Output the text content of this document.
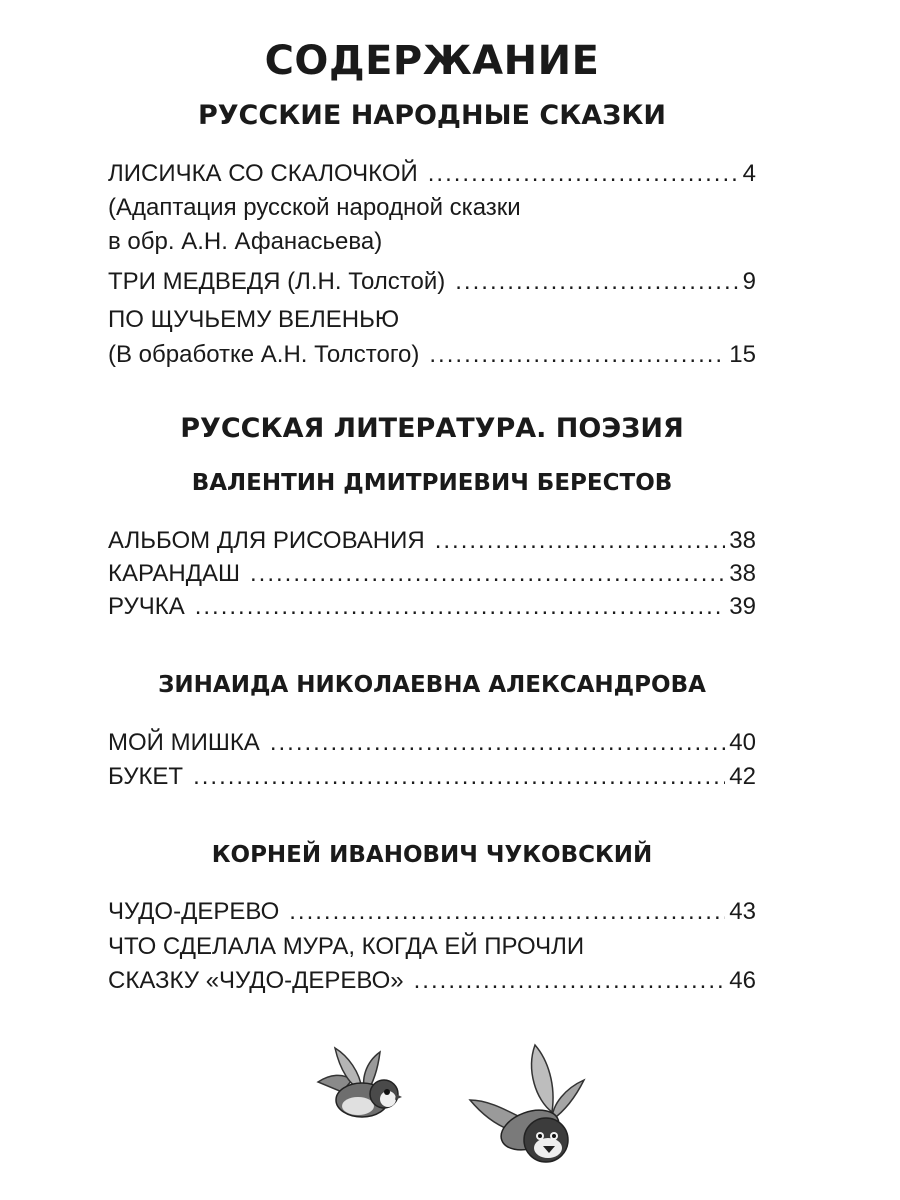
СОДЕРЖАНИЕ
РУССКИЕ НАРОДНЫЕ СКАЗКИ
ЛИСИЧКА СО СКАЛОЧКОЙ .....	4
(Адаптация русской народной сказки
в обр. А.Н. Афанасьева)
ТРИ МЕДВЕДЯ (Л.Н. Толстой) .....	9
ПО ЩУЧЬЕМУ ВЕЛЕНЬЮ
(В обработке А.Н. Толстого) .....	15
РУССКАЯ ЛИТЕРАТУРА. ПОЭЗИЯ
ВАЛЕНТИН ДМИТРИЕВИЧ БЕРЕСТОВ
АЛЬБОМ ДЛЯ РИСОВАНИЯ .....	38
КАРАНДАШ .....	38
РУЧКА .....	39
ЗИНАИДА НИКОЛАЕВНА АЛЕКСАНДРОВА
МОЙ МИШКА .....	40
БУКЕТ .....	42
КОРНЕЙ ИВАНОВИЧ ЧУКОВСКИЙ
ЧУДО-ДЕРЕВО .....	43
ЧТО СДЕЛАЛА МУРА, КОГДА ЕЙ ПРОЧЛИ
СКАЗКУ «ЧУДО-ДЕРЕВО» .....	46
